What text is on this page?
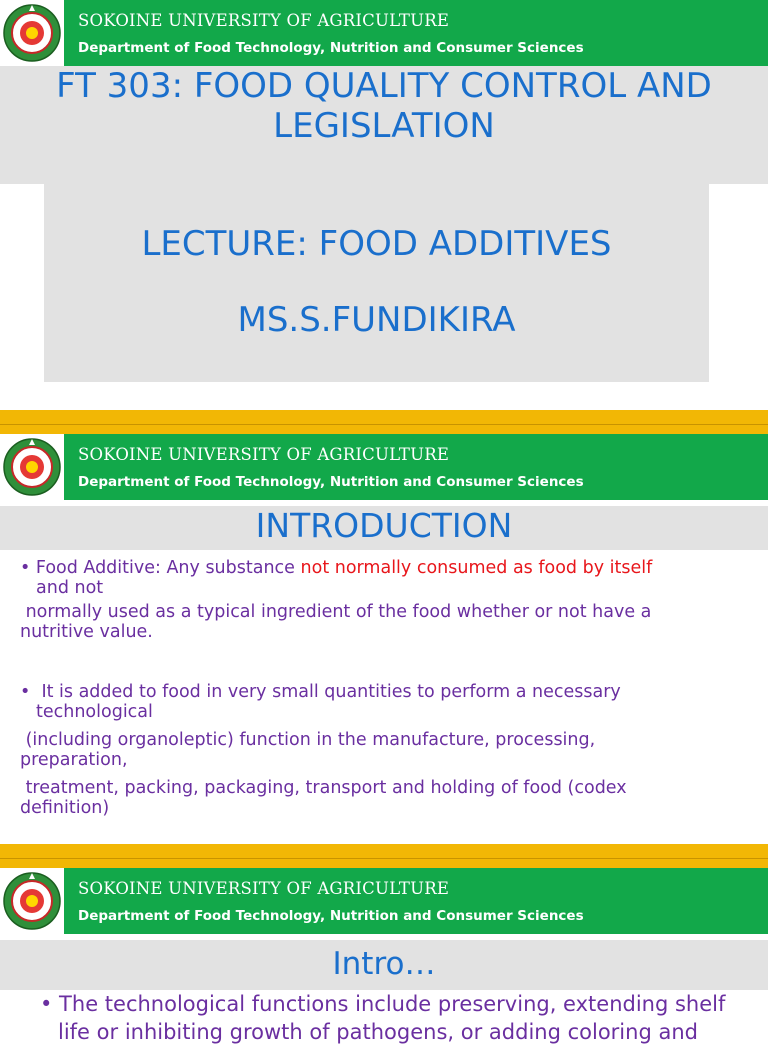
SOKOINE UNIVERSITY OF AGRICULTURE
Department of Food Technology, Nutrition and Consumer Sciences
FT 303: FOOD QUALITY CONTROL AND
LEGISLATION
LECTURE: FOOD ADDITIVES
MS.S.FUNDIKIRA
SOKOINE UNIVERSITY OF AGRICULTURE
Department of Food Technology, Nutrition and Consumer Sciences
INTRODUCTION
• Food Additive: Any substance not normally consumed as food by itself
and not
normally used as a typical ingredient of the food whether or not have a
nutritive value.
•  It is added to food in very small quantities to perform a necessary
technological
(including organoleptic) function in the manufacture, processing,
preparation,
treatment, packing, packaging, transport and holding of food (codex
definition)
SOKOINE UNIVERSITY OF AGRICULTURE
Department of Food Technology, Nutrition and Consumer Sciences
Intro…
• The technological functions include preserving, extending shelf
life or inhibiting growth of pathogens, or adding coloring and
